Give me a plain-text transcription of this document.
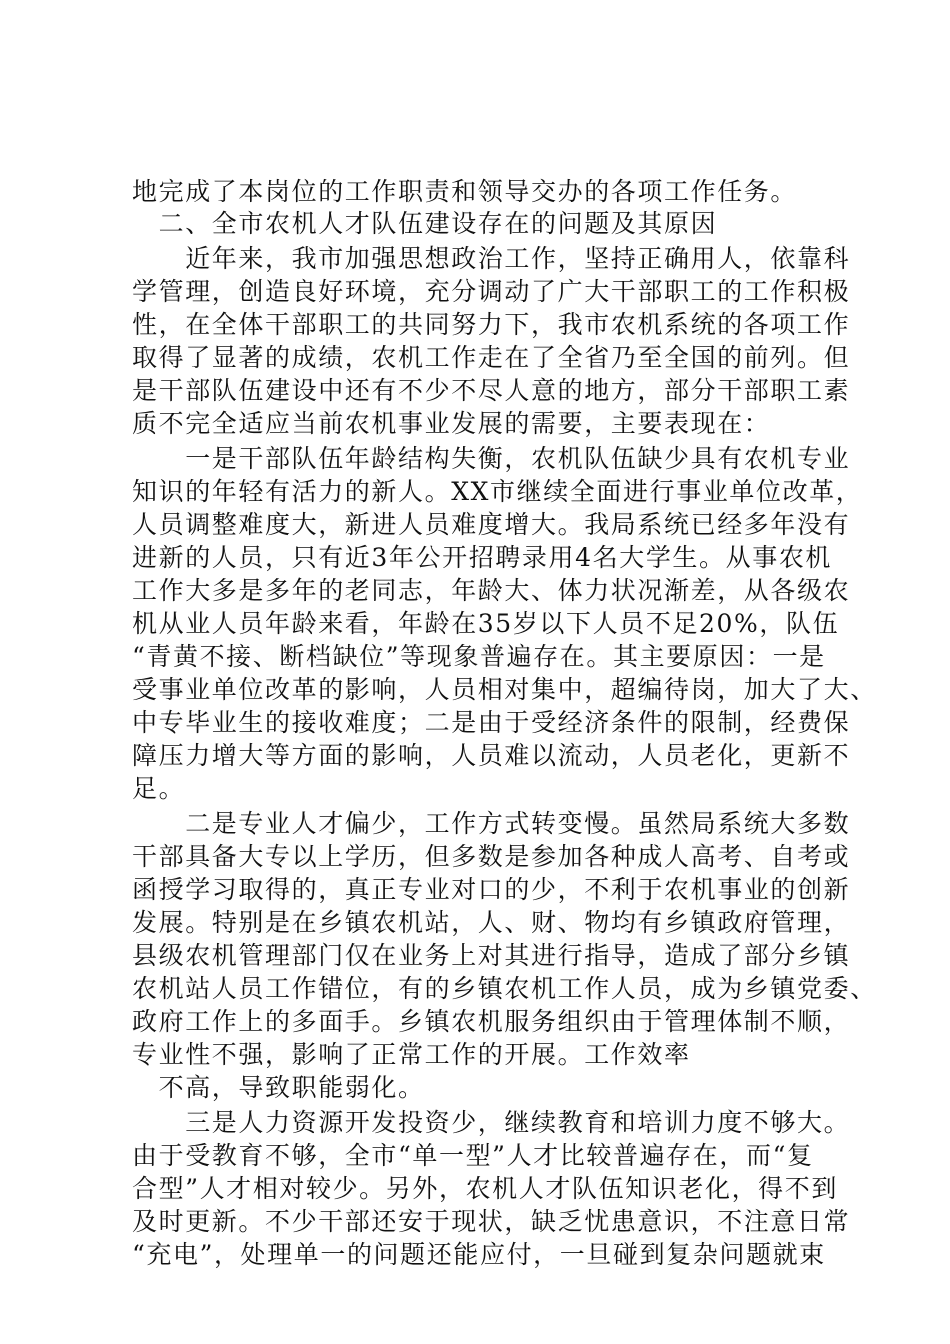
地完成了本岗位的工作职责和领导交办的各项工作任务。
　二、全市农机人才队伍建设存在的问题及其原因
　　近年来，我市加强思想政治工作，坚持正确用人，依靠科
学管理，创造良好环境，充分调动了广大干部职工的工作积极
性，在全体干部职工的共同努力下，我市农机系统的各项工作
取得了显著的成绩，农机工作走在了全省乃至全国的前列。但
是干部队伍建设中还有不少不尽人意的地方，部分干部职工素
质不完全适应当前农机事业发展的需要，主要表现在：
　　一是干部队伍年龄结构失衡，农机队伍缺少具有农机专业
知识的年轻有活力的新人。XX市继续全面进行事业单位改革，
人员调整难度大，新进人员难度增大。我局系统已经多年没有
进新的人员，只有近3年公开招聘录用4名大学生。从事农机
工作大多是多年的老同志，年龄大、体力状况渐差，从各级农
机从业人员年龄来看，年龄在35岁以下人员不足20%，队伍
“青黄不接、断档缺位”等现象普遍存在。其主要原因：一是
受事业单位改革的影响，人员相对集中，超编待岗，加大了大、
中专毕业生的接收难度；二是由于受经济条件的限制，经费保
障压力增大等方面的影响，人员难以流动，人员老化，更新不
足。
　　二是专业人才偏少，工作方式转变慢。虽然局系统大多数
干部具备大专以上学历，但多数是参加各种成人高考、自考或
函授学习取得的，真正专业对口的少，不利于农机事业的创新
发展。特别是在乡镇农机站，人、财、物均有乡镇政府管理，
县级农机管理部门仅在业务上对其进行指导，造成了部分乡镇
农机站人员工作错位，有的乡镇农机工作人员，成为乡镇党委、
政府工作上的多面手。乡镇农机服务组织由于管理体制不顺，
专业性不强，影响了正常工作的开展。工作效率
　不高，导致职能弱化。
　　三是人力资源开发投资少，继续教育和培训力度不够大。
由于受教育不够，全市“单一型”人才比较普遍存在，而“复
合型”人才相对较少。另外，农机人才队伍知识老化，得不到
及时更新。不少干部还安于现状，缺乏忧患意识，不注意日常
“充电”，处理单一的问题还能应付，一旦碰到复杂问题就束
